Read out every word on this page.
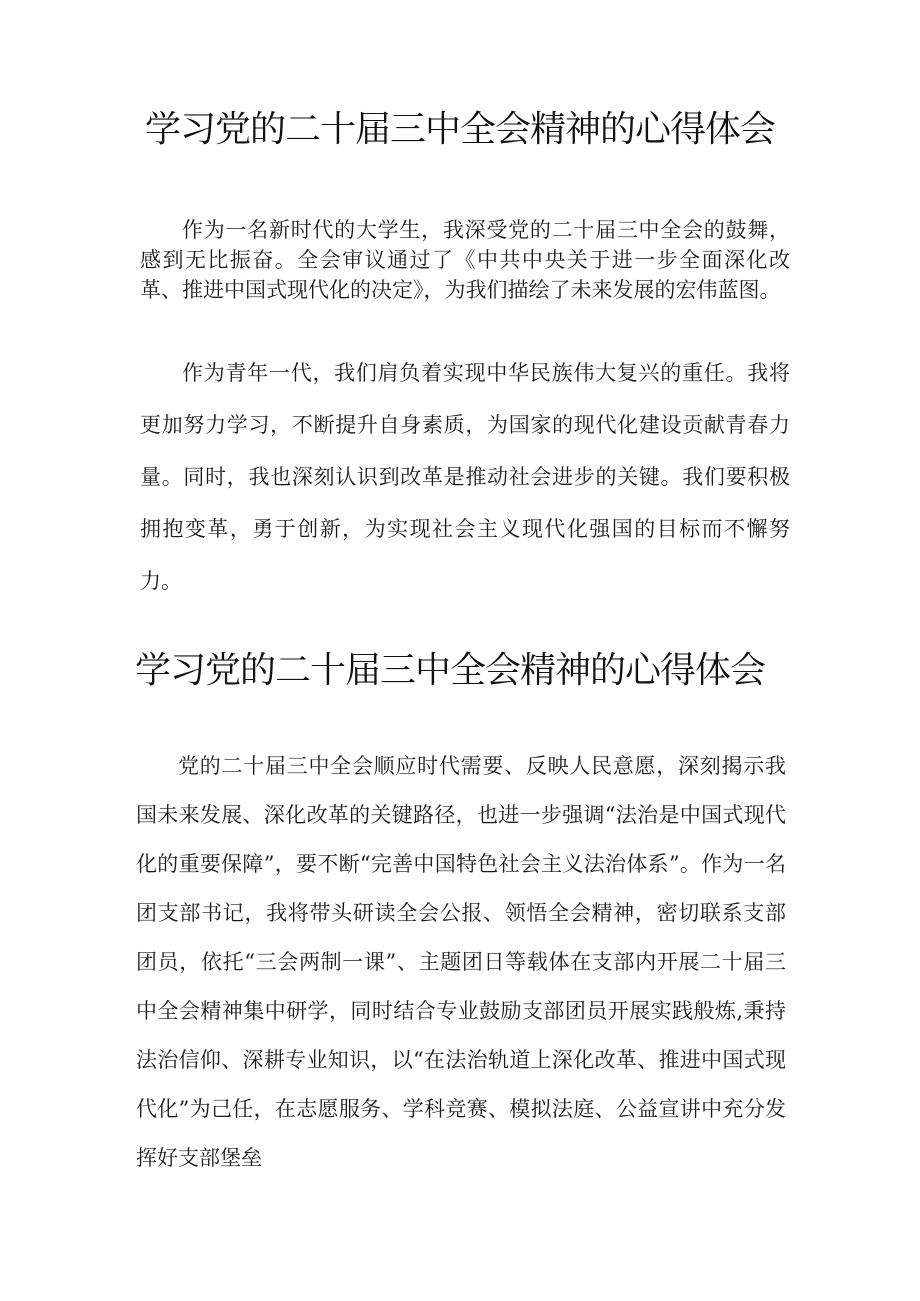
学习党的二十届三中全会精神的心得体会

作为一名新时代的大学生，我深受党的二十届三中全会的鼓舞，感到无比振奋。全会审议通过了《中共中央关于进一步全面深化改革、推进中国式现代化的决定》，为我们描绘了未来发展的宏伟蓝图。

作为青年一代，我们肩负着实现中华民族伟大复兴的重任。我将更加努力学习，不断提升自身素质，为国家的现代化建设贡献青春力量。同时，我也深刻认识到改革是推动社会进步的关键。我们要积极拥抱变革，勇于创新，为实现社会主义现代化强国的目标而不懈努力。

学习党的二十届三中全会精神的心得体会

党的二十届三中全会顺应时代需要、反映人民意愿，深刻揭示我国未来发展、深化改革的关键路径，也进一步强调“法治是中国式现代化的重要保障”，要不断“完善中国特色社会主义法治体系”。作为一名团支部书记，我将带头研读全会公报、领悟全会精神，密切联系支部团员，依托“三会两制一课”、主题团日等载体在支部内开展二十届三中全会精神集中研学，同时结合专业鼓励支部团员开展实践般炼,秉持法治信仰、深耕专业知识，以“在法治轨道上深化改革、推进中国式现代化”为己任，在志愿服务、学科竞赛、模拟法庭、公益宣讲中充分发挥好支部堡垒
